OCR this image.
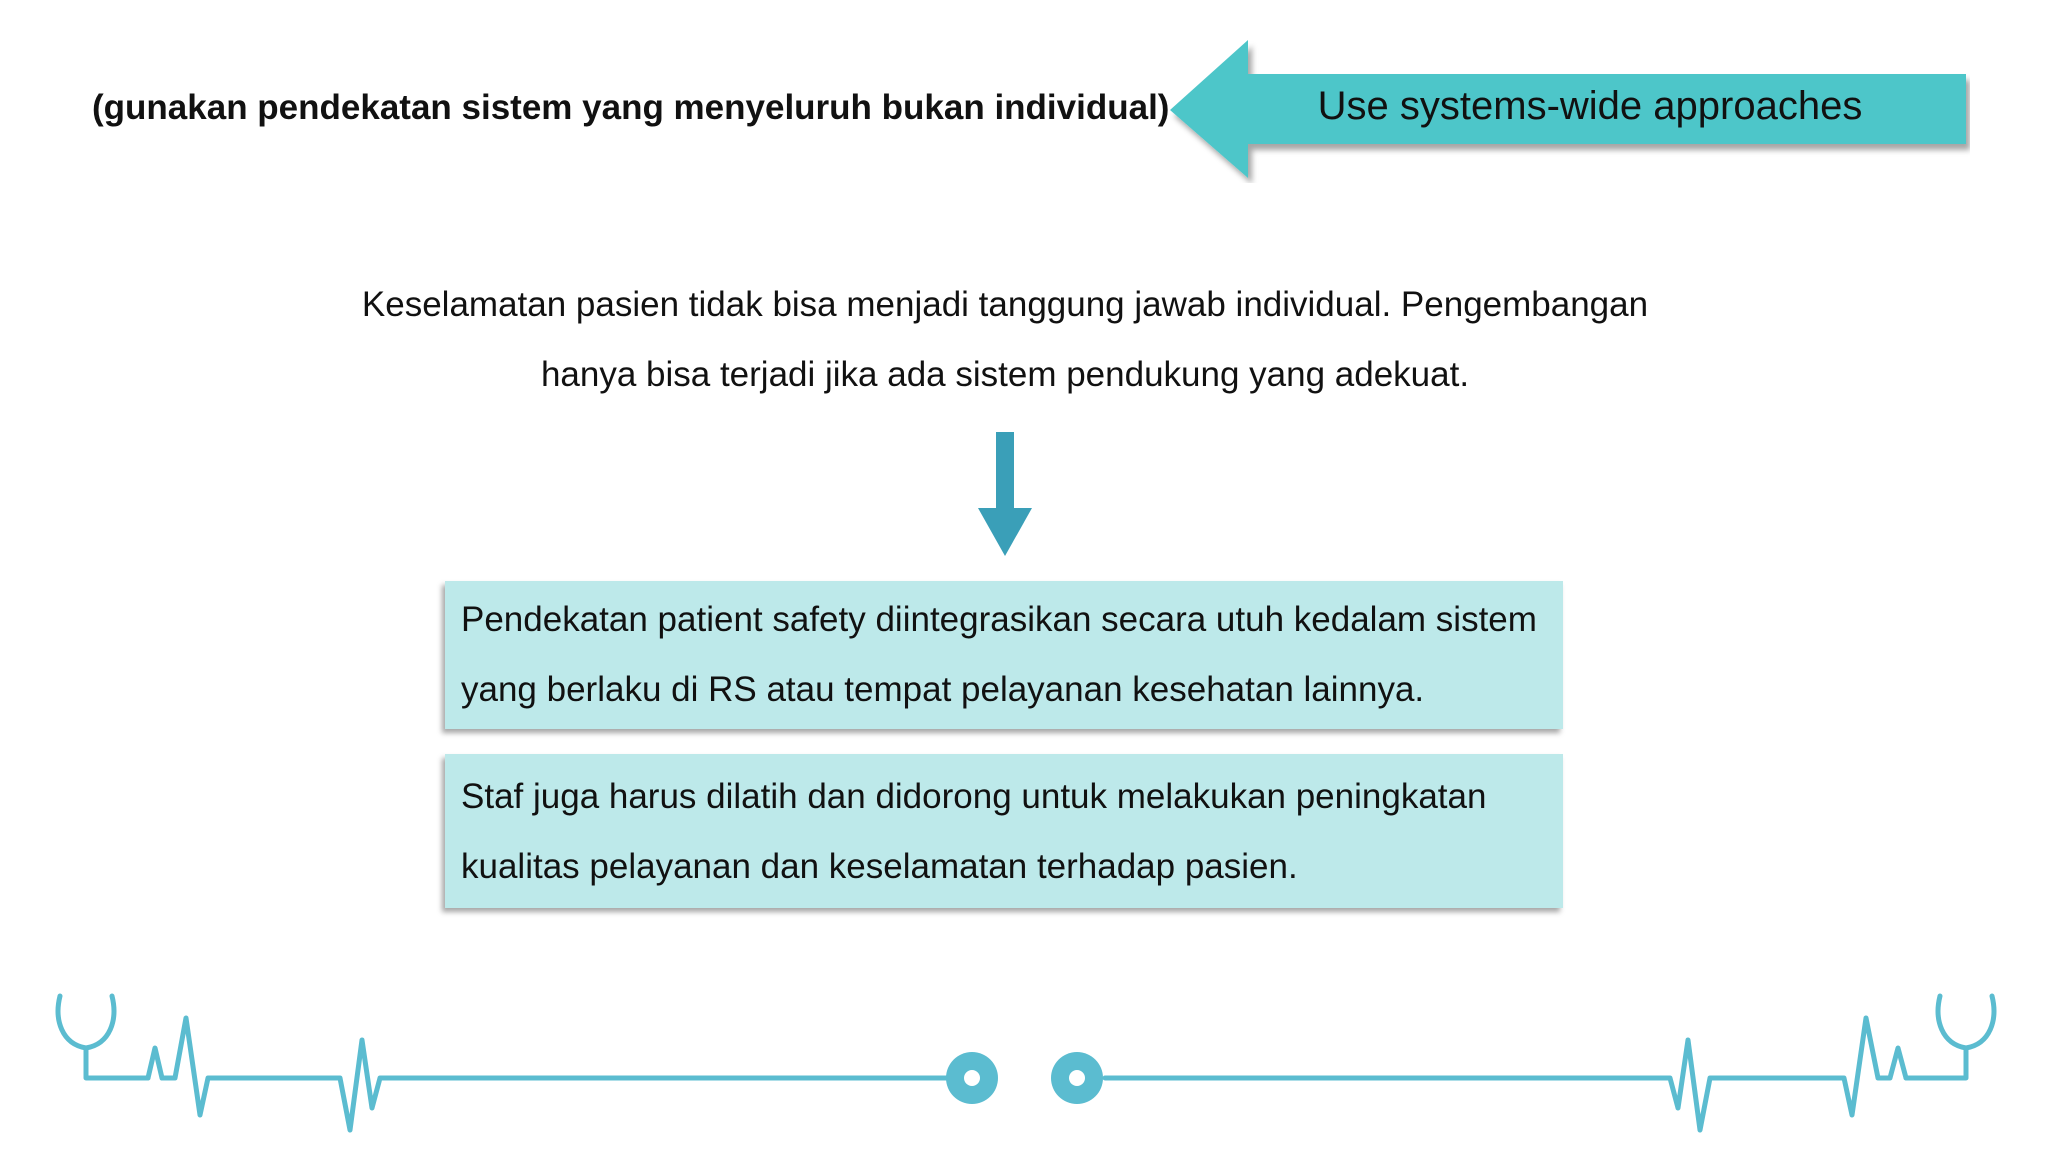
(gunakan pendekatan sistem yang menyeluruh bukan individual)	Use systems-wide approaches
Keselamatan pasien tidak bisa menjadi tanggung jawab individual. Pengembangan
hanya bisa terjadi jika ada sistem pendukung yang adekuat.
Pendekatan patient safety diintegrasikan secara utuh kedalam sistem
yang berlaku di RS atau tempat pelayanan kesehatan lainnya.
Staf juga harus dilatih dan didorong untuk melakukan peningkatan
kualitas pelayanan dan keselamatan terhadap pasien.
